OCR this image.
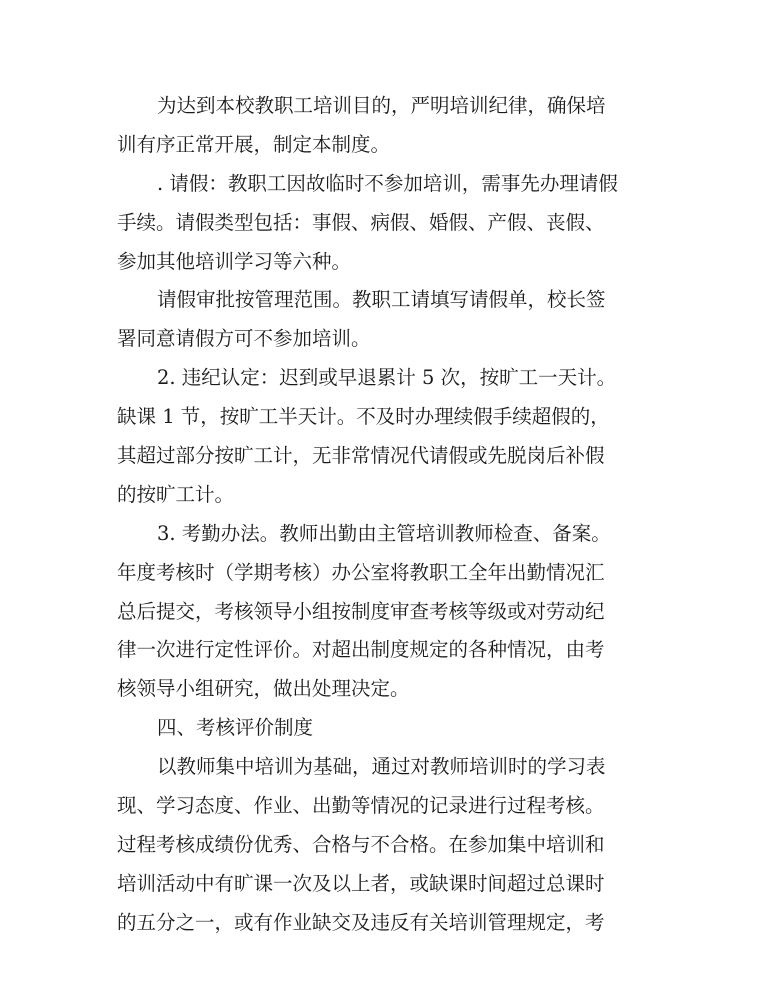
为达到本校教职工培训目的，严明培训纪律，确保培
训有序正常开展，制定本制度。
. 请假：教职工因故临时不参加培训，需事先办理请假
手续。请假类型包括：事假、病假、婚假、产假、丧假、
参加其他培训学习等六种。
请假审批按管理范围。教职工请填写请假单，校长签
署同意请假方可不参加培训。
2. 违纪认定：迟到或早退累计 5 次，按旷工一天计。
缺课 1 节，按旷工半天计。不及时办理续假手续超假的，
其超过部分按旷工计，无非常情况代请假或先脱岗后补假
的按旷工计。
3. 考勤办法。教师出勤由主管培训教师检查、备案。
年度考核时（学期考核）办公室将教职工全年出勤情况汇
总后提交，考核领导小组按制度审查考核等级或对劳动纪
律一次进行定性评价。对超出制度规定的各种情况，由考
核领导小组研究，做出处理决定。
四、考核评价制度
以教师集中培训为基础，通过对教师培训时的学习表
现、学习态度、作业、出勤等情况的记录进行过程考核。
过程考核成绩份优秀、合格与不合格。在参加集中培训和
培训活动中有旷课一次及以上者，或缺课时间超过总课时
的五分之一，或有作业缺交及违反有关培训管理规定，考
